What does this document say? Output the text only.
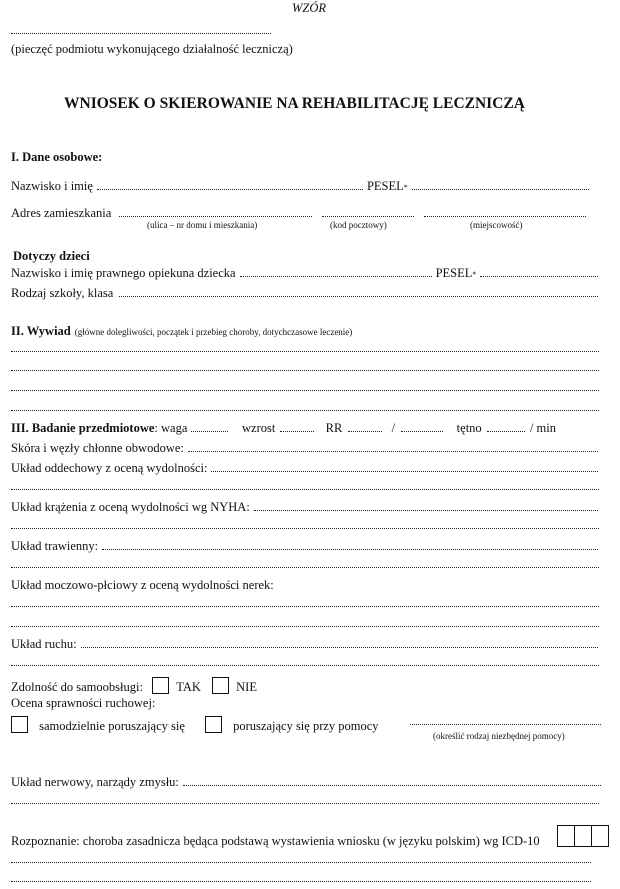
WZÓR
(pieczęć podmiotu wykonującego działalność leczniczą)
WNIOSEK O SKIEROWANIE NA REHABILITACJĘ LECZNICZĄ
I. Dane osobowe:
Nazwisko i imię	PESEL *
Adres zamieszkania
(ulica – nr domu i mieszkania)	(kod pocztowy)	(miejscowość)
Dotyczy dzieci
Nazwisko i imię prawnego opiekuna dziecka	PESEL *
Rodzaj szkoły, klasa
II. Wywiad (główne dolegliwości, początek i przebieg choroby, dotychczasowe leczenie)
III. Badanie przedmiotowe : waga	wzrost	RR	/	tętno	/ min
Skóra i węzły chłonne obwodowe:
Układ oddechowy z oceną wydolności:
Układ krążenia z oceną wydolności wg NYHA:
Układ trawienny:
Układ moczowo-płciowy z oceną wydolności nerek:
Układ ruchu:
Zdolność do samoobsługi:	TAK	NIE
Ocena sprawności ruchowej:
samodzielnie poruszający się	poruszający się przy pomocy
(określić rodzaj niezbędnej pomocy)
Układ nerwowy, narządy zmysłu:
Rozpoznanie: choroba zasadnicza będąca podstawą wystawienia wniosku (w języku polskim) wg ICD-10
